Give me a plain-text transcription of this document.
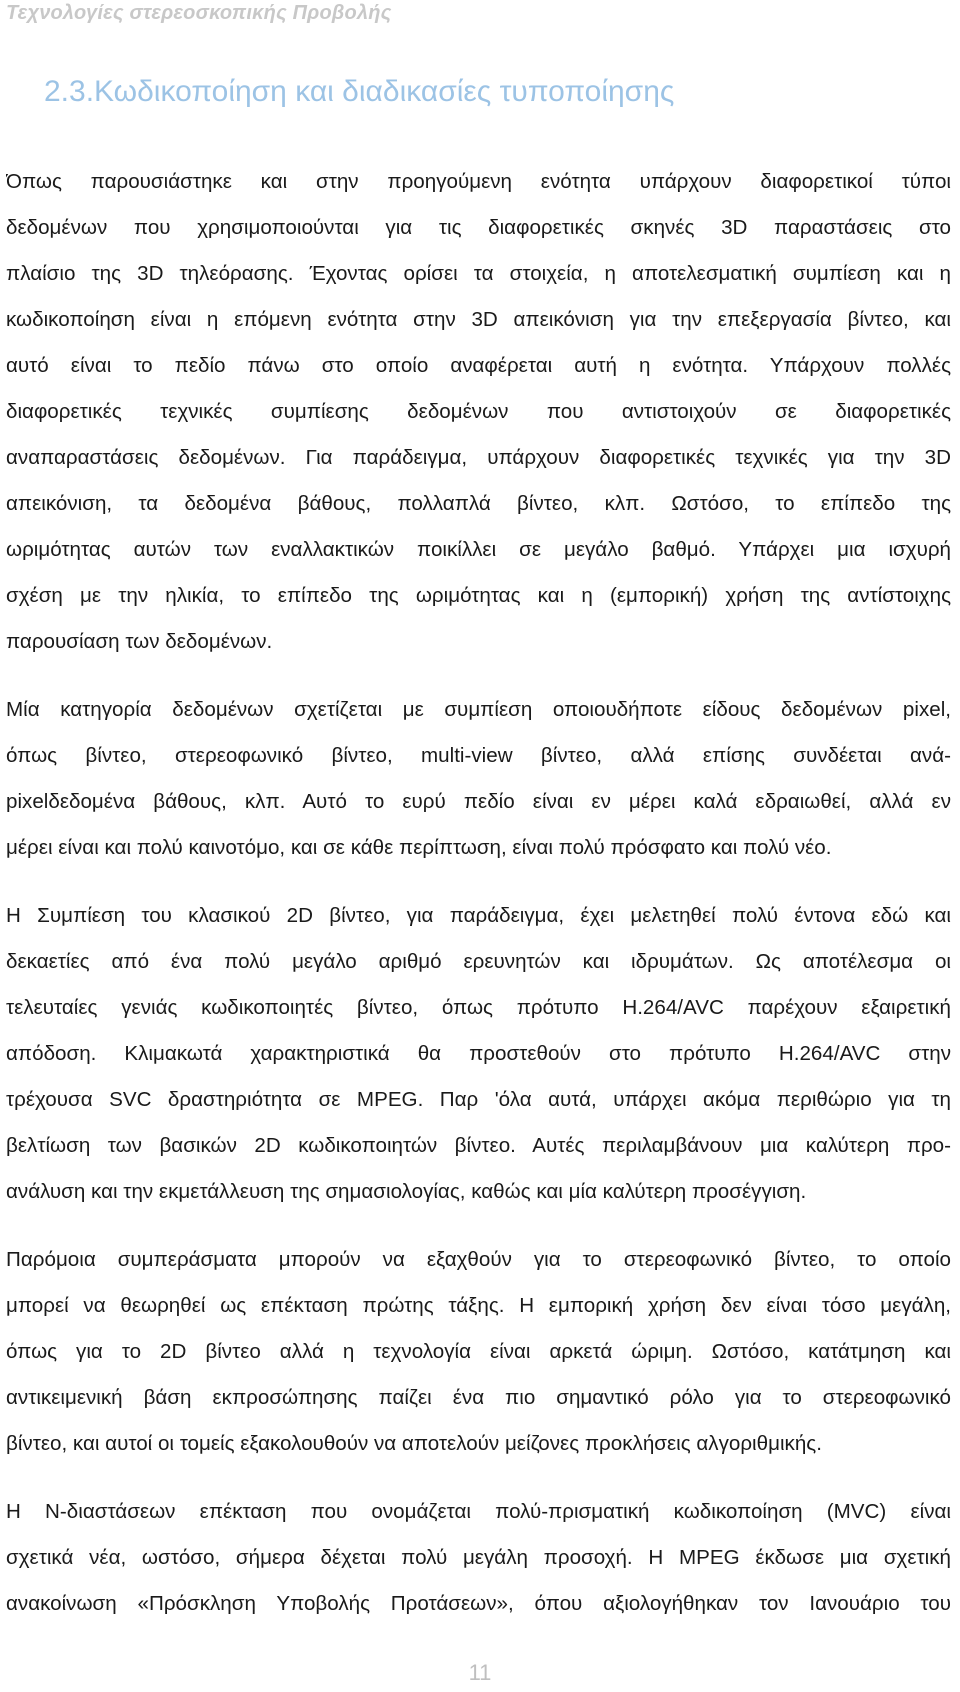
Τεχνολογίες στερεοσκοπικής Προβολής
2.3.Κωδικοποίηση και διαδικασίες τυποποίησης

Όπως παρουσιάστηκε και στην προηγούμενη ενότητα υπάρχουν διαφορετικοί τύποι
δεδομένων που χρησιμοποιούνται για τις διαφορετικές σκηνές 3D παραστάσεις στο
πλαίσιο της 3D τηλεόρασης. Έχοντας ορίσει τα στοιχεία, η αποτελεσματική συμπίεση και η
κωδικοποίηση είναι η επόμενη ενότητα στην 3D απεικόνιση για την επεξεργασία βίντεο, και
αυτό είναι το πεδίο πάνω στο οποίο αναφέρεται αυτή η ενότητα. Υπάρχουν πολλές
διαφορετικές τεχνικές συμπίεσης δεδομένων που αντιστοιχούν σε διαφορετικές
αναπαραστάσεις δεδομένων. Για παράδειγμα, υπάρχουν διαφορετικές τεχνικές για την 3D
απεικόνιση, τα δεδομένα βάθους, πολλαπλά βίντεο, κλπ. Ωστόσο, το επίπεδο της
ωριμότητας αυτών των εναλλακτικών ποικίλλει σε μεγάλο βαθμό. Υπάρχει μια ισχυρή
σχέση με την ηλικία, το επίπεδο της ωριμότητας και η (εμπορική) χρήση της αντίστοιχης
παρουσίαση των δεδομένων.

Μία κατηγορία δεδομένων σχετίζεται με συμπίεση οποιουδήποτε είδους δεδομένων pixel,
όπως βίντεο, στερεοφωνικό βίντεο, multi-view βίντεο, αλλά επίσης συνδέεται ανά-
pixelδεδομένα βάθους, κλπ. Αυτό το ευρύ πεδίο είναι εν μέρει καλά εδραιωθεί, αλλά εν
μέρει είναι και πολύ καινοτόμο, και σε κάθε περίπτωση, είναι πολύ πρόσφατο και πολύ νέο.

Η Συμπίεση του κλασικού 2D βίντεο, για παράδειγμα, έχει μελετηθεί πολύ έντονα εδώ και
δεκαετίες από ένα πολύ μεγάλο αριθμό ερευνητών και ιδρυμάτων. Ως αποτέλεσμα οι
τελευταίες γενιάς κωδικοποιητές βίντεο, όπως πρότυπο H.264/AVC παρέχουν εξαιρετική
απόδοση. Κλιμακωτά χαρακτηριστικά θα προστεθούν στο πρότυπο H.264/AVC στην
τρέχουσα SVC δραστηριότητα σε MPEG. Παρ 'όλα αυτά, υπάρχει ακόμα περιθώριο για τη
βελτίωση των βασικών 2D κωδικοποιητών βίντεο. Αυτές περιλαμβάνουν μια καλύτερη προ-
ανάλυση και την εκμετάλλευση της σημασιολογίας, καθώς και μία καλύτερη προσέγγιση.

Παρόμοια συμπεράσματα μπορούν να εξαχθούν για το στερεοφωνικό βίντεο, το οποίο
μπορεί να θεωρηθεί ως επέκταση πρώτης τάξης. Η εμπορική χρήση δεν είναι τόσο μεγάλη,
όπως για το 2D βίντεο αλλά η τεχνολογία είναι αρκετά ώριμη. Ωστόσο, κατάτμηση και
αντικειμενική βάση εκπροσώπησης παίζει ένα πιο σημαντικό ρόλο για το στερεοφωνικό
βίντεο, και αυτοί οι τομείς εξακολουθούν να αποτελούν μείζονες προκλήσεις αλγοριθμικής.

Η N-διαστάσεων επέκταση που ονομάζεται πολύ-πρισματική κωδικοποίηση (MVC) είναι
σχετικά νέα, ωστόσο, σήμερα δέχεται πολύ μεγάλη προσοχή. Η MPEG έκδωσε μια σχετική
ανακοίνωση «Πρόσκληση Υποβολής Προτάσεων», όπου αξιολογήθηκαν τον Ιανουάριο του

11
